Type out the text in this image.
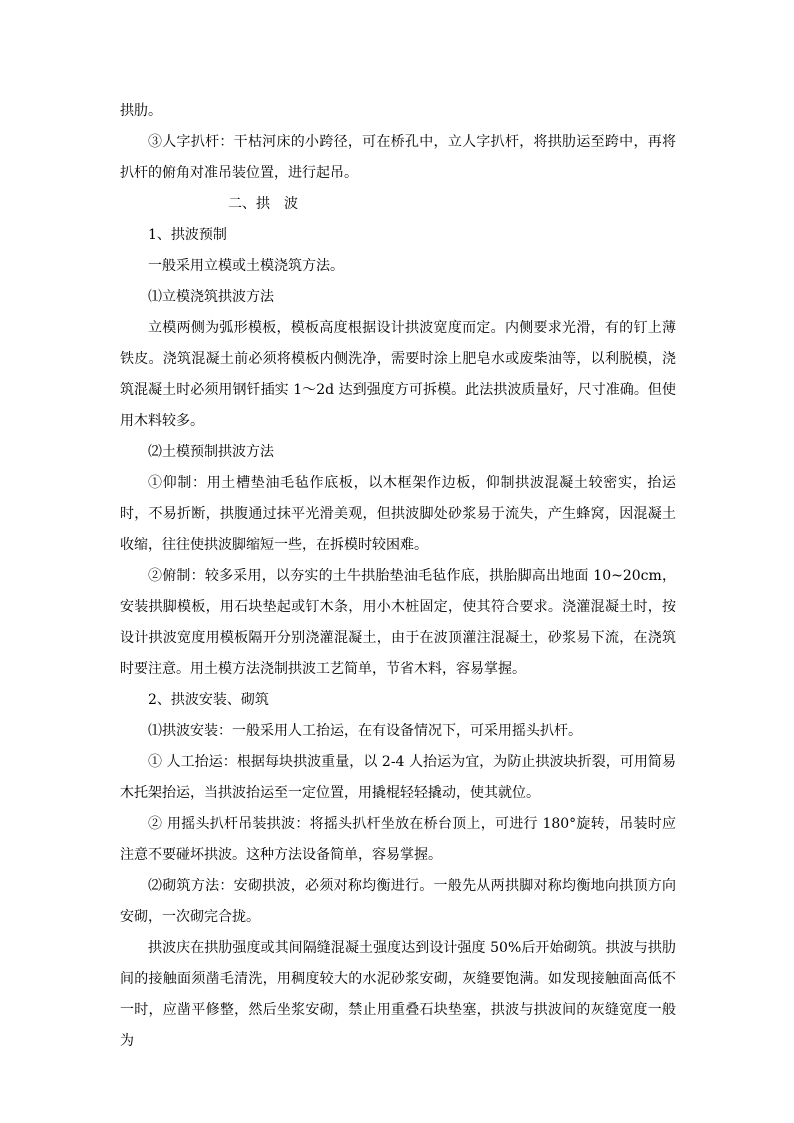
拱肋。

③人字扒杆：干枯河床的小跨径，可在桥孔中，立人字扒杆，将拱肋运至跨中，再将扒杆的俯角对准吊装位置，进行起吊。

二、拱　波

1、拱波预制

一般采用立模或土模浇筑方法。

⑴立模浇筑拱波方法

立模两侧为弧形模板，模板高度根据设计拱波宽度而定。内侧要求光滑，有的钉上薄铁皮。浇筑混凝土前必须将模板内侧洗净，需要时涂上肥皂水或废柴油等，以利脱模，浇筑混凝土时必须用钢钎插实 1～2d 达到强度方可拆模。此法拱波质量好，尺寸准确。但使用木料较多。

⑵土模预制拱波方法

①仰制：用土槽垫油毛毡作底板，以木框架作边板，仰制拱波混凝土较密实，抬运时，不易折断，拱腹通过抹平光滑美观，但拱波脚处砂浆易于流失，产生蜂窝，因混凝土收缩，往往使拱波脚缩短一些，在拆模时较困难。

②俯制：较多采用，以夯实的土牛拱胎垫油毛毡作底，拱胎脚高出地面 10~20cm，安装拱脚模板，用石块垫起或钉木条，用小木桩固定，使其符合要求。浇灌混凝土时，按设计拱波宽度用模板隔开分别浇灌混凝土，由于在波顶灌注混凝土，砂浆易下流，在浇筑时要注意。用土模方法浇制拱波工艺简单，节省木料，容易掌握。

2、拱波安装、砌筑

⑴拱波安装：一般采用人工抬运，在有设备情况下，可采用摇头扒杆。

① 人工抬运：根据每块拱波重量，以 2-4 人抬运为宜，为防止拱波块折裂，可用简易木托架抬运，当拱波抬运至一定位置，用撬棍轻轻撬动，使其就位。

② 用摇头扒杆吊装拱波：将摇头扒杆坐放在桥台顶上，可进行 180°旋转，吊装时应注意不要碰坏拱波。这种方法设备简单，容易掌握。

⑵砌筑方法：安砌拱波，必须对称均衡进行。一般先从两拱脚对称均衡地向拱顶方向安砌，一次砌完合拢。

拱波庆在拱肋强度或其间隔缝混凝土强度达到设计强度 50%后开始砌筑。拱波与拱肋间的接触面须凿毛清洗，用稠度较大的水泥砂浆安砌，灰缝要饱满。如发现接触面高低不一时，应凿平修整，然后坐浆安砌，禁止用重叠石块垫塞，拱波与拱波间的灰缝宽度一般为
